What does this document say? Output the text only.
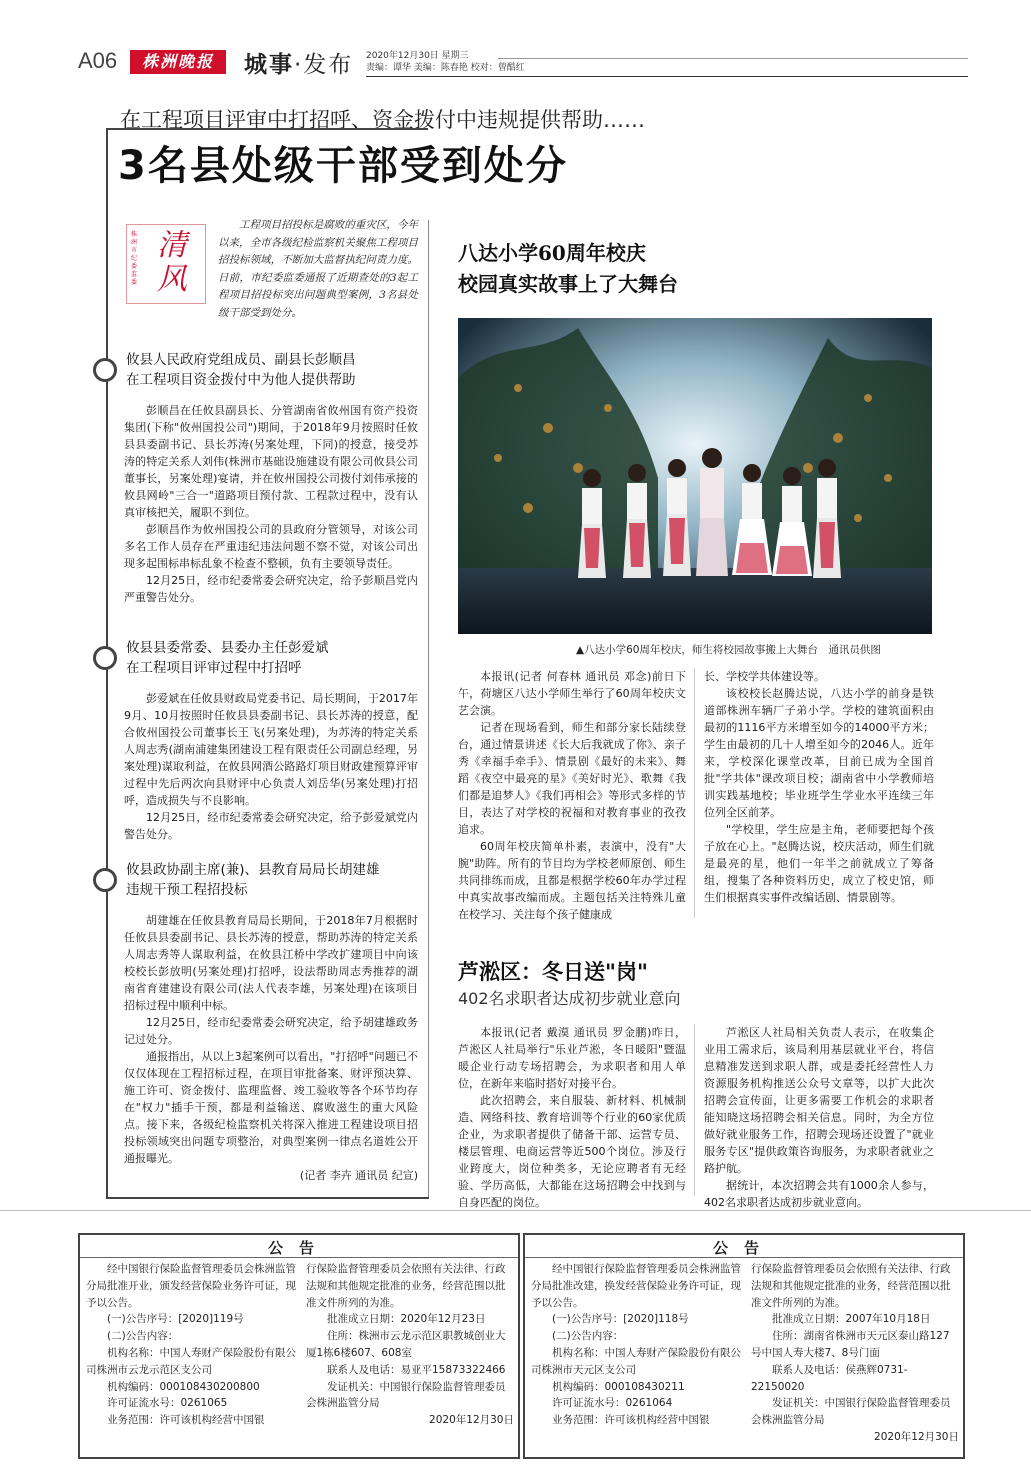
A06	株洲晚报	城事·发布 2020年12月30日 星期三
责编：谭华 美编：陈春艳 校对：曾酷红
在工程项目评审中打招呼、资金拨付中违规提供帮助……
3名县处级干部受到处分
株洲市纪委监委
清风
工程项目招投标是腐败的重灾区，今年以来，全市各级纪检监察机关聚焦工程项目招投标领域，不断加大监督执纪问责力度。日前，市纪委监委通报了近期查处的3起工程项目招投标突出问题典型案例，3名县处级干部受到处分。
攸县人民政府党组成员、副县长彭顺昌
在工程项目资金拨付中为他人提供帮助

彭顺昌在任攸县副县长、分管湖南省攸州国有资产投资集团(下称"攸州国投公司")期间，于2018年9月按照时任攸县县委副书记、县长苏涛(另案处理，下同)的授意，接受苏涛的特定关系人刘伟(株洲市基础设施建设有限公司攸县公司董事长，另案处理)宴请，并在攸州国投公司拨付刘伟承接的攸县网岭"三合一"道路项目预付款、工程款过程中，没有认真审核把关，履职不到位。

彭顺昌作为攸州国投公司的县政府分管领导，对该公司多名工作人员存在严重违纪违法问题不察不觉，对该公司出现多起围标串标乱象不检查不整顿，负有主要领导责任。

12月25日，经市纪委常委会研究决定，给予彭顺昌党内严重警告处分。

攸县县委常委、县委办主任彭爱斌
在工程项目评审过程中打招呼

彭爱斌在任攸县财政局党委书记、局长期间，于2017年9月、10月按照时任攸县县委副书记、县长苏涛的授意，配合攸州国投公司董事长王飞(另案处理)，为苏涛的特定关系人周志秀(湖南浦建集团建设工程有限责任公司副总经理，另案处理)谋取利益，在攸县网酒公路路灯项目财政建预算评审过程中先后两次向县财评中心负责人刘岳华(另案处理)打招呼，造成损失与不良影响。

12月25日，经市纪委常委会研究决定，给予彭爱斌党内警告处分。

攸县政协副主席(兼)、县教育局局长胡建雄
违规干预工程招投标

胡建雄在任攸县教育局局长期间，于2018年7月根据时任攸县县委副书记、县长苏涛的授意，帮助苏涛的特定关系人周志秀等人谋取利益，在攸县江桥中学改扩建项目中向该校校长彭放明(另案处理)打招呼，设法帮助周志秀推荐的湖南省育建建设有限公司(法人代表李雄，另案处理)在该项目招标过程中顺利中标。

12月25日，经市纪委常委会研究决定，给予胡建雄政务记过处分。

通报指出，从以上3起案例可以看出，"打招呼"问题已不仅仅体现在工程招标过程，在项目审批备案、财评预决算、施工许可、资金拨付、监理监督、竣工验收等各个环节均存在"权力"插手干预，都是利益输送、腐败滋生的重大风险点。接下来，各级纪检监察机关将深入推进工程建设项目招投标领域突出问题专项整治，对典型案例一律点名道姓公开通报曝光。

(记者 李卉 通讯员 纪宣)

八达小学60周年校庆
校园真实故事上了大舞台
▲八达小学60周年校庆，师生将校园故事搬上大舞台　通讯员供图

本报讯(记者 何春林 通讯员 邓念)前日下午，荷塘区八达小学师生举行了60周年校庆文艺会演。

记者在现场看到，师生和部分家长陆续登台，通过情景讲述《长大后我就成了你》、亲子秀《幸福手牵手》、情景剧《最好的未来》、舞蹈《夜空中最亮的星》《美好时光》、歌舞《我们都是追梦人》《我们再相会》等形式多样的节目，表达了对学校的祝福和对教育事业的孜孜追求。

60周年校庆简单朴素，表演中，没有"大腕"助阵。所有的节目均为学校老师原创、师生共同排练而成，且都是根据学校60年办学过程中真实故事改编而成。主题包括关注特殊儿童在校学习、关注每个孩子健康成

长、学校学共体建设等。

该校校长赵腾达说，八达小学的前身是铁道部株洲车辆厂子弟小学。学校的建筑面积由最初的1116平方米增至如今的14000平方米；学生由最初的几十人增至如今的2046人。近年来，学校深化课堂改革，目前已成为全国首批"学共体"课改项目校；湖南省中小学教师培训实践基地校；毕业班学生学业水平连续三年位列全区前茅。

"学校里，学生应是主角，老师要把每个孩子放在心上。"赵腾达说，校庆活动，师生们就是最亮的星，他们一年半之前就成立了筹备组，搜集了各种资料历史，成立了校史馆，师生们根据真实事件改编话剧、情景剧等。

芦淞区：冬日送"岗"
402名求职者达成初步就业意向

本报讯(记者 戴漠 通讯员 罗金鹏)昨日，芦淞区人社局举行"乐业芦淞，冬日暖阳"暨温暖企业行动专场招聘会，为求职者和用人单位，在新年来临时搭好对接平台。

此次招聘会，来自服装、新材料、机械制造、网络科技、教育培训等个行业的60家优质企业，为求职者提供了储备干部、运营专员、楼层管理、电商运营等近500个岗位。涉及行业跨度大，岗位种类多，无论应聘者有无经验、学历高低，大都能在这场招聘会中找到与自身匹配的岗位。

芦淞区人社局相关负责人表示，在收集企业用工需求后，该局利用基层就业平台，将信息精准发送到求职人群，或是委托经营性人力资源服务机构推送公众号文章等，以扩大此次招聘会宣传面，让更多需要工作机会的求职者能知晓这场招聘会相关信息。同时，为全方位做好就业服务工作，招聘会现场还设置了"就业服务专区"提供政策咨询服务，为求职者就业之路护航。

据统计，本次招聘会共有1000余人参与，402名求职者达成初步就业意向。

公告

经中国银行保险监督管理委员会株洲监管分局批准开业，颁发经营保险业务许可证，现予以公告。

(一)公告序号：[2020]119号

(二)公告内容：

机构名称：中国人寿财产保险股份有限公司株洲市云龙示范区支公司

机构编码：000108430200800

许可证流水号：0261065

业务范围：许可该机构经营中国银

行保险监督管理委员会依照有关法律、行政法规和其他规定批准的业务，经营范围以批准文件所列的为准。

批准成立日期：2020年12月23日

住所：株洲市云龙示范区职教城创业大厦1栋6楼607、608室

联系人及电话：易亚平15873322466

发证机关：中国银行保险监督管理委员会株洲监管分局

2020年12月30日

公告

经中国银行保险监督管理委员会株洲监管分局批准改建，换发经营保险业务许可证，现予以公告。

(一)公告序号：[2020]118号

(二)公告内容：

机构名称：中国人寿财产保险股份有限公司株洲市天元区支公司

机构编码：000108430211

许可证流水号：0261064

业务范围：许可该机构经营中国银

行保险监督管理委员会依照有关法律、行政法规和其他规定批准的业务，经营范围以批准文件所列的为准。

批准成立日期：2007年10月18日

住所：湖南省株洲市天元区泰山路127号中国人寿大楼7、8号门面

联系人及电话：侯燕辉0731-22150020

发证机关：中国银行保险监督管理委员会株洲监管分局

2020年12月30日
